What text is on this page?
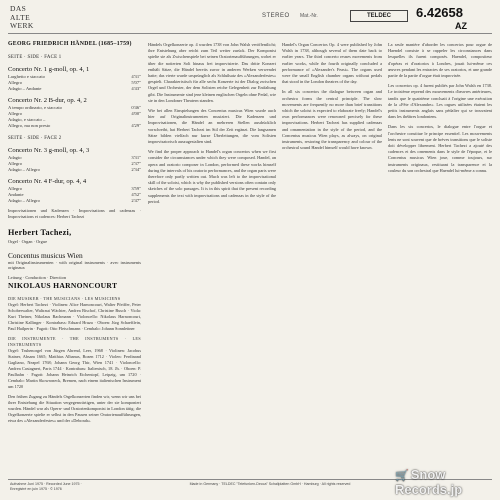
DAS
ALTE
WERK
STEREO Mat.-Nr.	TELDEC	6.42658
AZ
GEORG FRIEDRICH HÄNDEL (1685–1759)
SEITE · SIDE · FACE 1
Concerto Nr. 1 g-moll, op. 4, 1
Larghetto e staccato	4'31"
Allegro	5'07"
Adagio – Andante	4'43"
Concerto Nr. 2 B-dur, op. 4, 2
A tempo ordinario, e staccato	0'46"
Allegro	4'00"
Adagio, e staccato –
Allegro, ma non presto	4'29"
SEITE · SIDE · FACE 2
Concerto Nr. 3 g-moll, op. 4, 3
Adagio	3'31"
Allegro	2'37"
Adagio – Allegro	2'34"
Concerto Nr. 4 F-dur, op. 4, 4
Allegro	3'59"
Andante	4'52"
Adagio – Allegro	2'47"
Improvisationen und Kadenzen · Improvisations and cadenzas · Improvisations et cadences: Herbert Tachezi
Herbert Tachezi,
Orgel · Organ · Orgue
Concentus musicus Wien
mit Originalinstrumenten · with original instruments · avec instruments originaux
Leitung · Conduction · Direction
NIKOLAUS HARNONCOURT
DIE MUSIKER · THE MUSICIANS · LES MUSICIENS
Orgel: Herbert Tachezi · Violinen: Alice Harnoncourt, Walter Pfeiffer, Peter Schoberwalter, Waltraut Wächter, Andrea Bischof, Christine Busch · Viola: Kurt Theiner, Nikolaus Bachmann · Violoncello: Nikolaus Harnoncourt, Christine Kallinger · Kontrabass: Eduard Hruza · Oboen: Jürg Schaeftlein, Paul Hailperin · Fagott: Otto Fleischmann · Cembalo: Johann Sonnleitner
DIE INSTRUMENTE · THE INSTRUMENTS · LES INSTRUMENTS
Orgel: Truhenorgel von Jürgen Ahrend, Leer, 1968 · Violinen: Jacobus Stainer, Absam 1665; Matthias Albanus, Bozen 1712 · Violen: Ferdinand Gagliano, Neapel 1768; Johann Georg Thir, Wien 1741 · Violoncello: Andrea Castagneri, Paris 1744 · Kontrabass: Italienisch, 18. Jh. · Oboen: P. Paulhahn · Fagott: Johann Heinrich Eichentopf, Leipzig, um 1720 · Cembalo: Martin Skowroneck, Bremen, nach einem italienischen Instrument um 1720
Den frühen Zugang zu Händels Orgelkonzerten finden wir, wenn wir uns bei ihrer Entstehung die Situation vergegenwärtigen, unter der sie komponiert wurden. Händel war als Opern- und Oratorienkomponist in London tätig; die Orgelkonzerte spielte er selbst in den Pausen seiner Oratorienaufführungen, etwa des »Alexanderfestes« und der »Deborah«.

Händels Orgelkonzerte op. 4 wurden 1738 von John Walsh veröffentlicht; ihre Entstehung aber reicht zum Teil weiter zurück. Der Komponist spielte sie als Zwischenspiele bei seinen Oratorienaufführungen, wobei er über die notierten Soli hinaus frei improvisierte. Das dritte Konzert enthält Sätze, die Händel bereits zuvor in anderen Werken verwendet hatte; das vierte wurde ursprünglich als Schlußsatz des »Alexanderfestes« gespielt. Charakteristisch für alle sechs Konzerte ist der Dialog zwischen Orgel und Orchester, der dem Solisten reiche Gelegenheit zur Entfaltung gibt. Die Instrumente sind jene kleinen englischen Orgeln ohne Pedal, wie sie in den Londoner Theatern standen.

Wie bei allen Einspielungen des Concentus musicus Wien wurde auch hier auf Originalinstrumenten musiziert. Die Kadenzen und Improvisationen, die Händel an mehreren Stellen ausdrücklich vorschreibt, hat Herbert Tachezi im Stil der Zeit ergänzt. Die langsamen Sätze bilden vielfach nur kurze Überleitungen, die vom Solisten improvisatorisch auszugestalten sind.

We find the proper approach to Handel's organ concertos when we first consider the circumstances under which they were composed. Handel, an opera and oratorio composer in London, performed these works himself during the intervals of his oratorio performances, and the organ parts were therefore only partly written out. Much was left to the improvisational skill of the soloist, which is why the published versions often contain only sketches of the solo passages. It is in this spirit that the present recording supplements the text with improvisations and cadenzas in the style of the period.

Handel's Organ Concertos Op. 4 were published by John Walsh in 1738, although several of them date back to earlier years. The third concerto reuses movements from earlier works, while the fourth originally concluded a performance of »Alexander's Feast«. The organs used were the small English chamber organs without pedals that stood in the London theatres of the day.

In all six concertos the dialogue between organ and orchestra forms the central principle. The slow movements are frequently no more than brief transitions which the soloist is expected to elaborate freely; Handel's own performances were renowned precisely for these improvisations. Herbert Tachezi has supplied cadenzas and ornamentation in the style of the period, and the Concentus musicus Wien plays, as always, on original instruments, restoring the transparency and colour of the orchestral sound Handel himself would have known.

La seule manière d'aborder les concertos pour orgue de Haendel consiste à se rappeler les circonstances dans lesquelles ils furent composés. Haendel, compositeur d'opéras et d'oratorios à Londres, jouait lui-même ces œuvres pendant les entractes de ses oratorios, et une grande partie de la partie d'orgue était improvisée.

Les concertos op. 4 furent publiés par John Walsh en 1738. Le troisième reprend des mouvements d'œuvres antérieures, tandis que le quatrième concluait à l'origine une exécution de la »Fête d'Alexandre«. Les orgues utilisées étaient les petits instruments anglais sans pédalier qui se trouvaient dans les théâtres londoniens.

Dans les six concertos, le dialogue entre l'orgue et l'orchestre constitue le principe essentiel. Les mouvements lents ne sont souvent que de brèves transitions que le soliste doit développer librement. Herbert Tachezi a ajouté des cadences et des ornements dans le style de l'époque, et le Concentus musicus Wien joue, comme toujours, sur instruments originaux, restituant la transparence et la couleur du son orchestral que Haendel lui-même a connu.

Aufnahme Juni 1975 · Recorded June 1975 · Enregistré en juin 1975 · © 1976
Made in Germany · TELDEC "Telefunken-Decca" Schallplatten GmbH · Hamburg · All rights reserved
🛒 Snow Records.jp
